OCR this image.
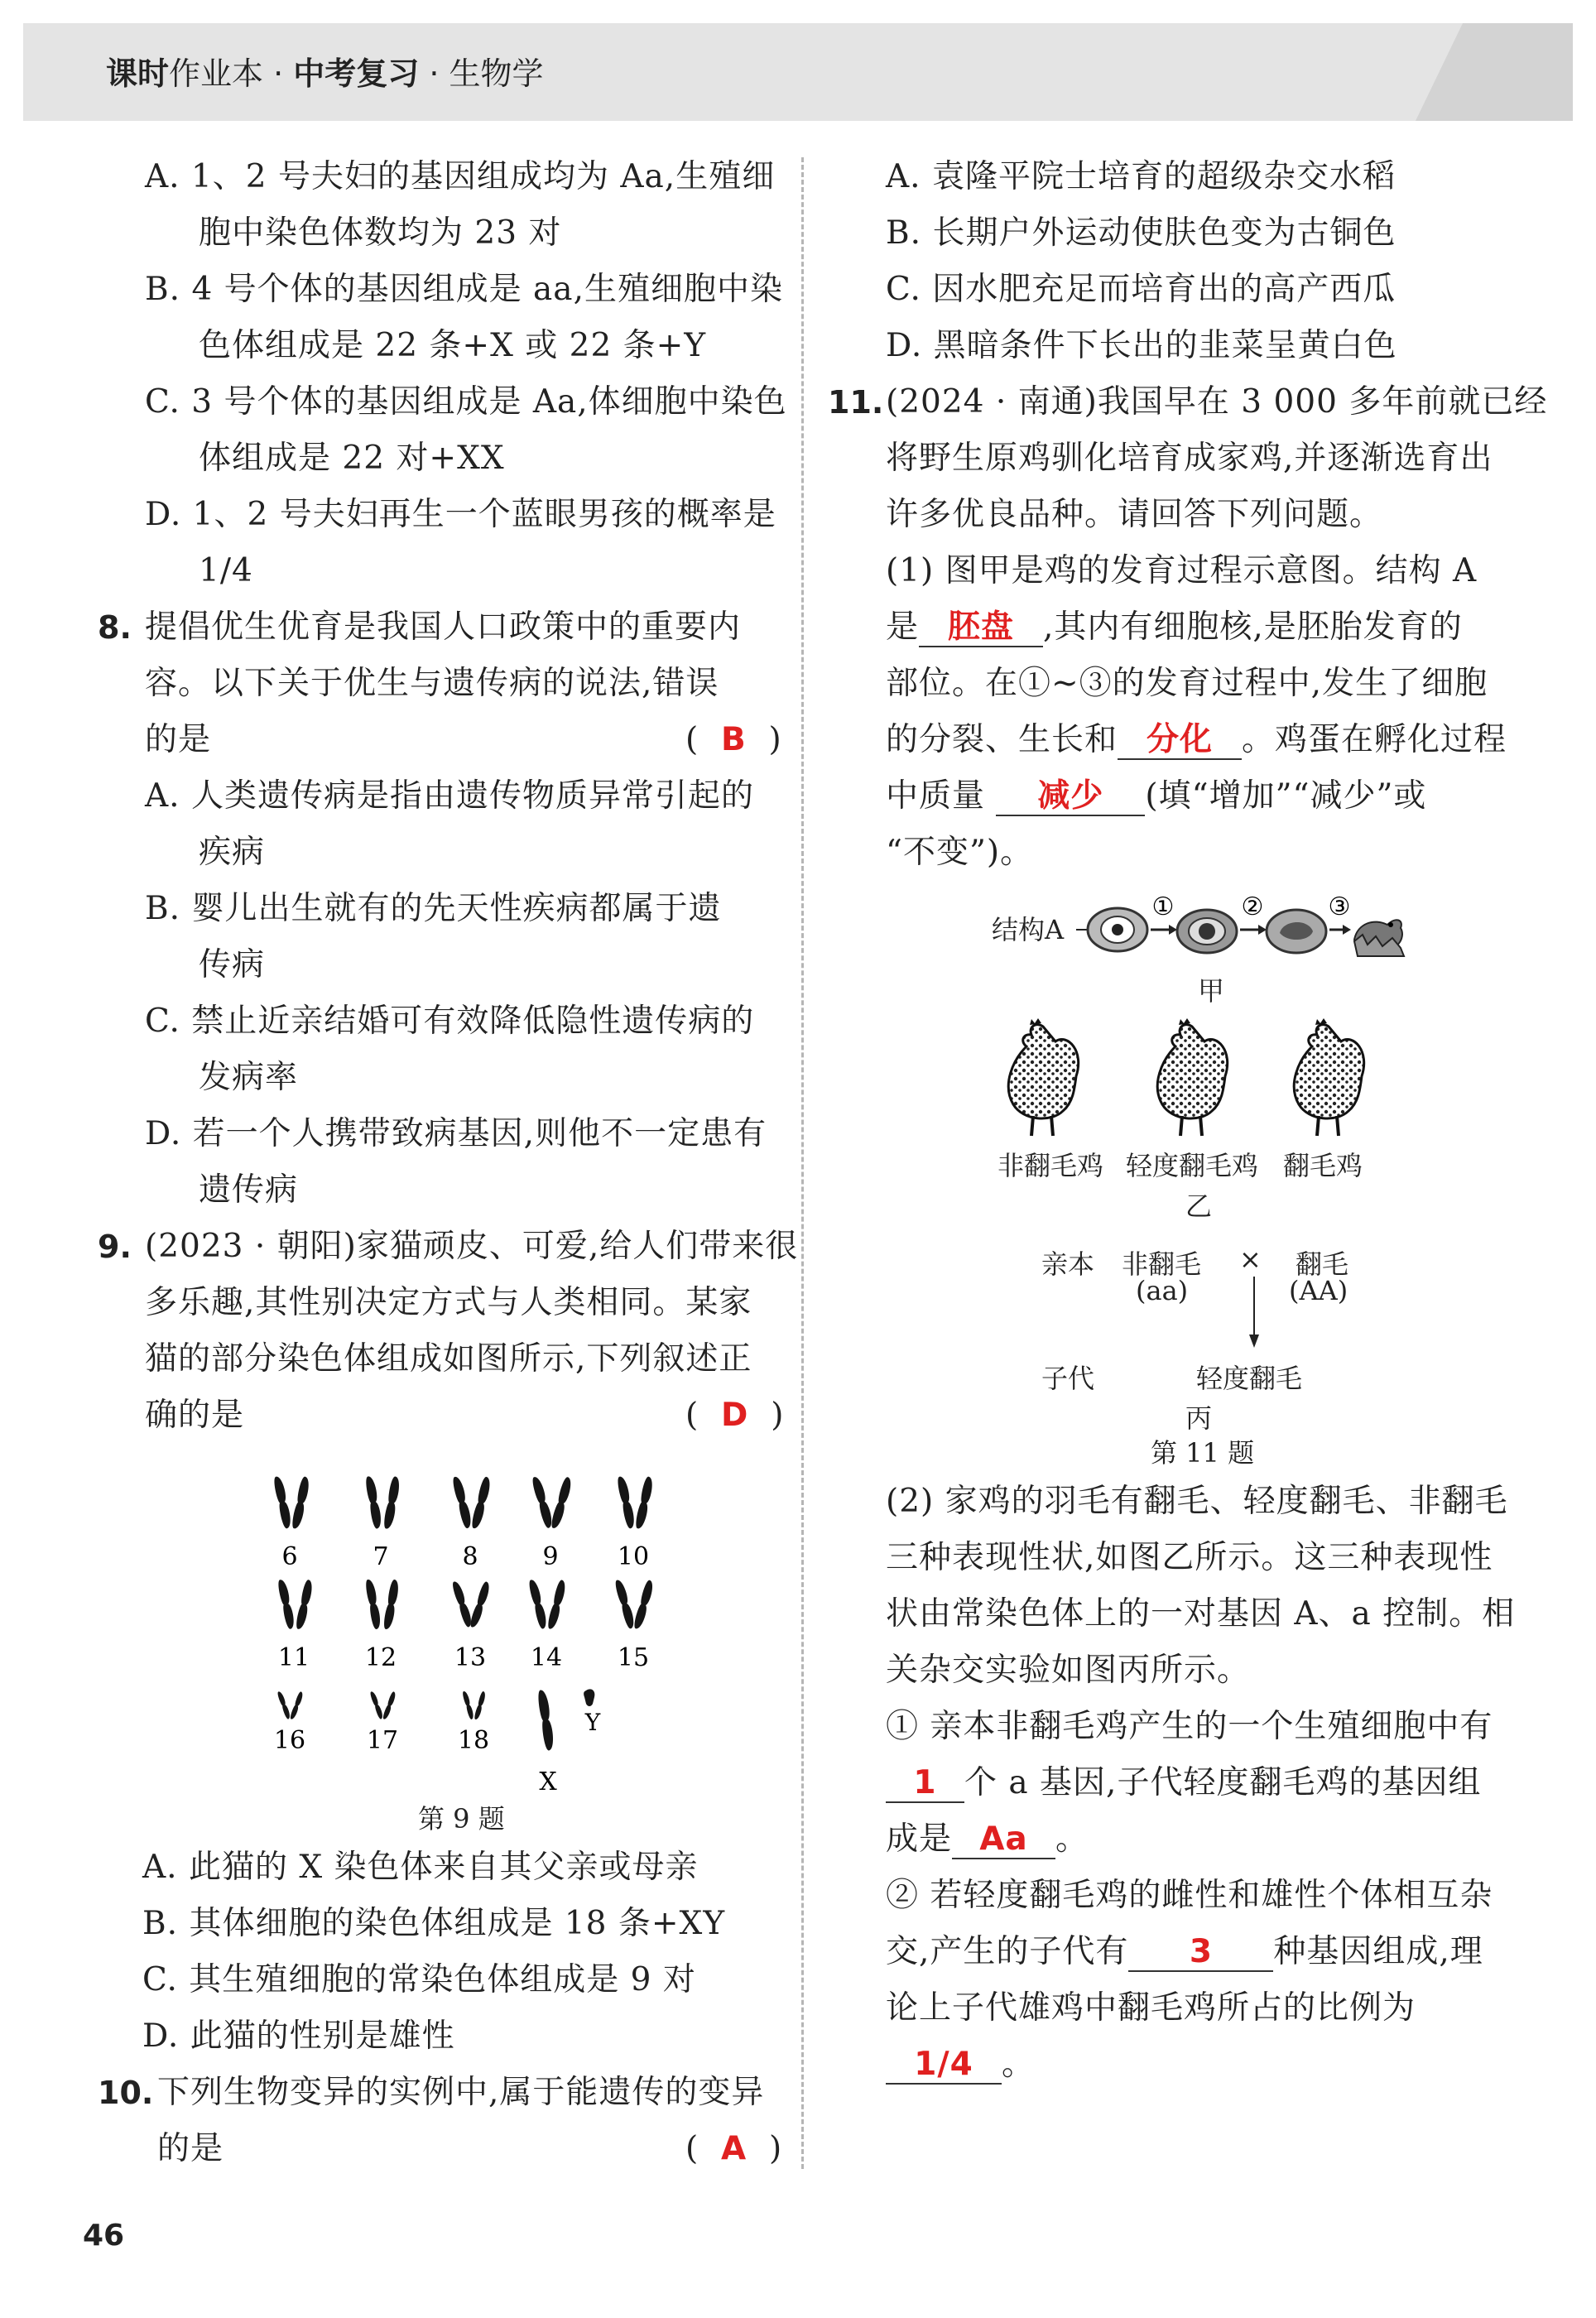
课时作业本 · 中考复习 · 生物学
A. 1、2 号夫妇的基因组成均为 Aa,生殖细
胞中染色体数均为 23 对
B. 4 号个体的基因组成是 aa,生殖细胞中染
色体组成是 22 条+X 或 22 条+Y
C. 3 号个体的基因组成是 Aa,体细胞中染色
体组成是 22 对+XX
D. 1、2 号夫妇再生一个蓝眼男孩的概率是
1/4
8. 提倡优生优育是我国人口政策中的重要内
容。以下关于优生与遗传病的说法,错误
的是	( B )
A. 人类遗传病是指由遗传物质异常引起的
疾病
B. 婴儿出生就有的先天性疾病都属于遗
传病
C. 禁止近亲结婚可有效降低隐性遗传病的
发病率
D. 若一个人携带致病基因,则他不一定患有
遗传病
9. (2023 · 朝阳)家猫顽皮、可爱,给人们带来很
多乐趣,其性别决定方式与人类相同。某家
猫的部分染色体组成如图所示,下列叙述正
确的是	( D )
6	7	8	9 10
11 12 13 14 15
16 17 18
Y
X
第 9 题
A. 此猫的 X 染色体来自其父亲或母亲
B. 其体细胞的染色体组成是 18 条+XY
C. 其生殖细胞的常染色体组成是 9 对
D. 此猫的性别是雄性
10. 下列生物变异的实例中,属于能遗传的变异
的是	( A )
46
A. 袁隆平院士培育的超级杂交水稻
B. 长期户外运动使肤色变为古铜色
C. 因水肥充足而培育出的高产西瓜
D. 黑暗条件下长出的韭菜呈黄白色
11. (2024 · 南通)我国早在 3 000 多年前就已经
将野生原鸡驯化培育成家鸡,并逐渐选育出
许多优良品种。请回答下列问题。
(1) 图甲是鸡的发育过程示意图。结构 A
是 胚盘 ,其内有细胞核,是胚胎发育的
部位。在①~③的发育过程中,发生了细胞
的分裂、生长和 分化 。鸡蛋在孵化过程
中质量 减少 (填“增加”“减少”或
“不变”)。
结构A
①	②	③
甲
非翻毛鸡 轻度翻毛鸡 翻毛鸡
乙
亲本 非翻毛
(aa)
× 翻毛
(AA)
子代	轻度翻毛
丙
第 11 题
(2) 家鸡的羽毛有翻毛、轻度翻毛、非翻毛
三种表现性状,如图乙所示。这三种表现性
状由常染色体上的一对基因 A、a 控制。相
关杂交实验如图丙所示。
① 亲本非翻毛鸡产生的一个生殖细胞中有
1 个 a 基因,子代轻度翻毛鸡的基因组
成是 Aa 。
② 若轻度翻毛鸡的雌性和雄性个体相互杂
交,产生的子代有 3 种基因组成,理
论上子代雄鸡中翻毛鸡所占的比例为
1/4 。
